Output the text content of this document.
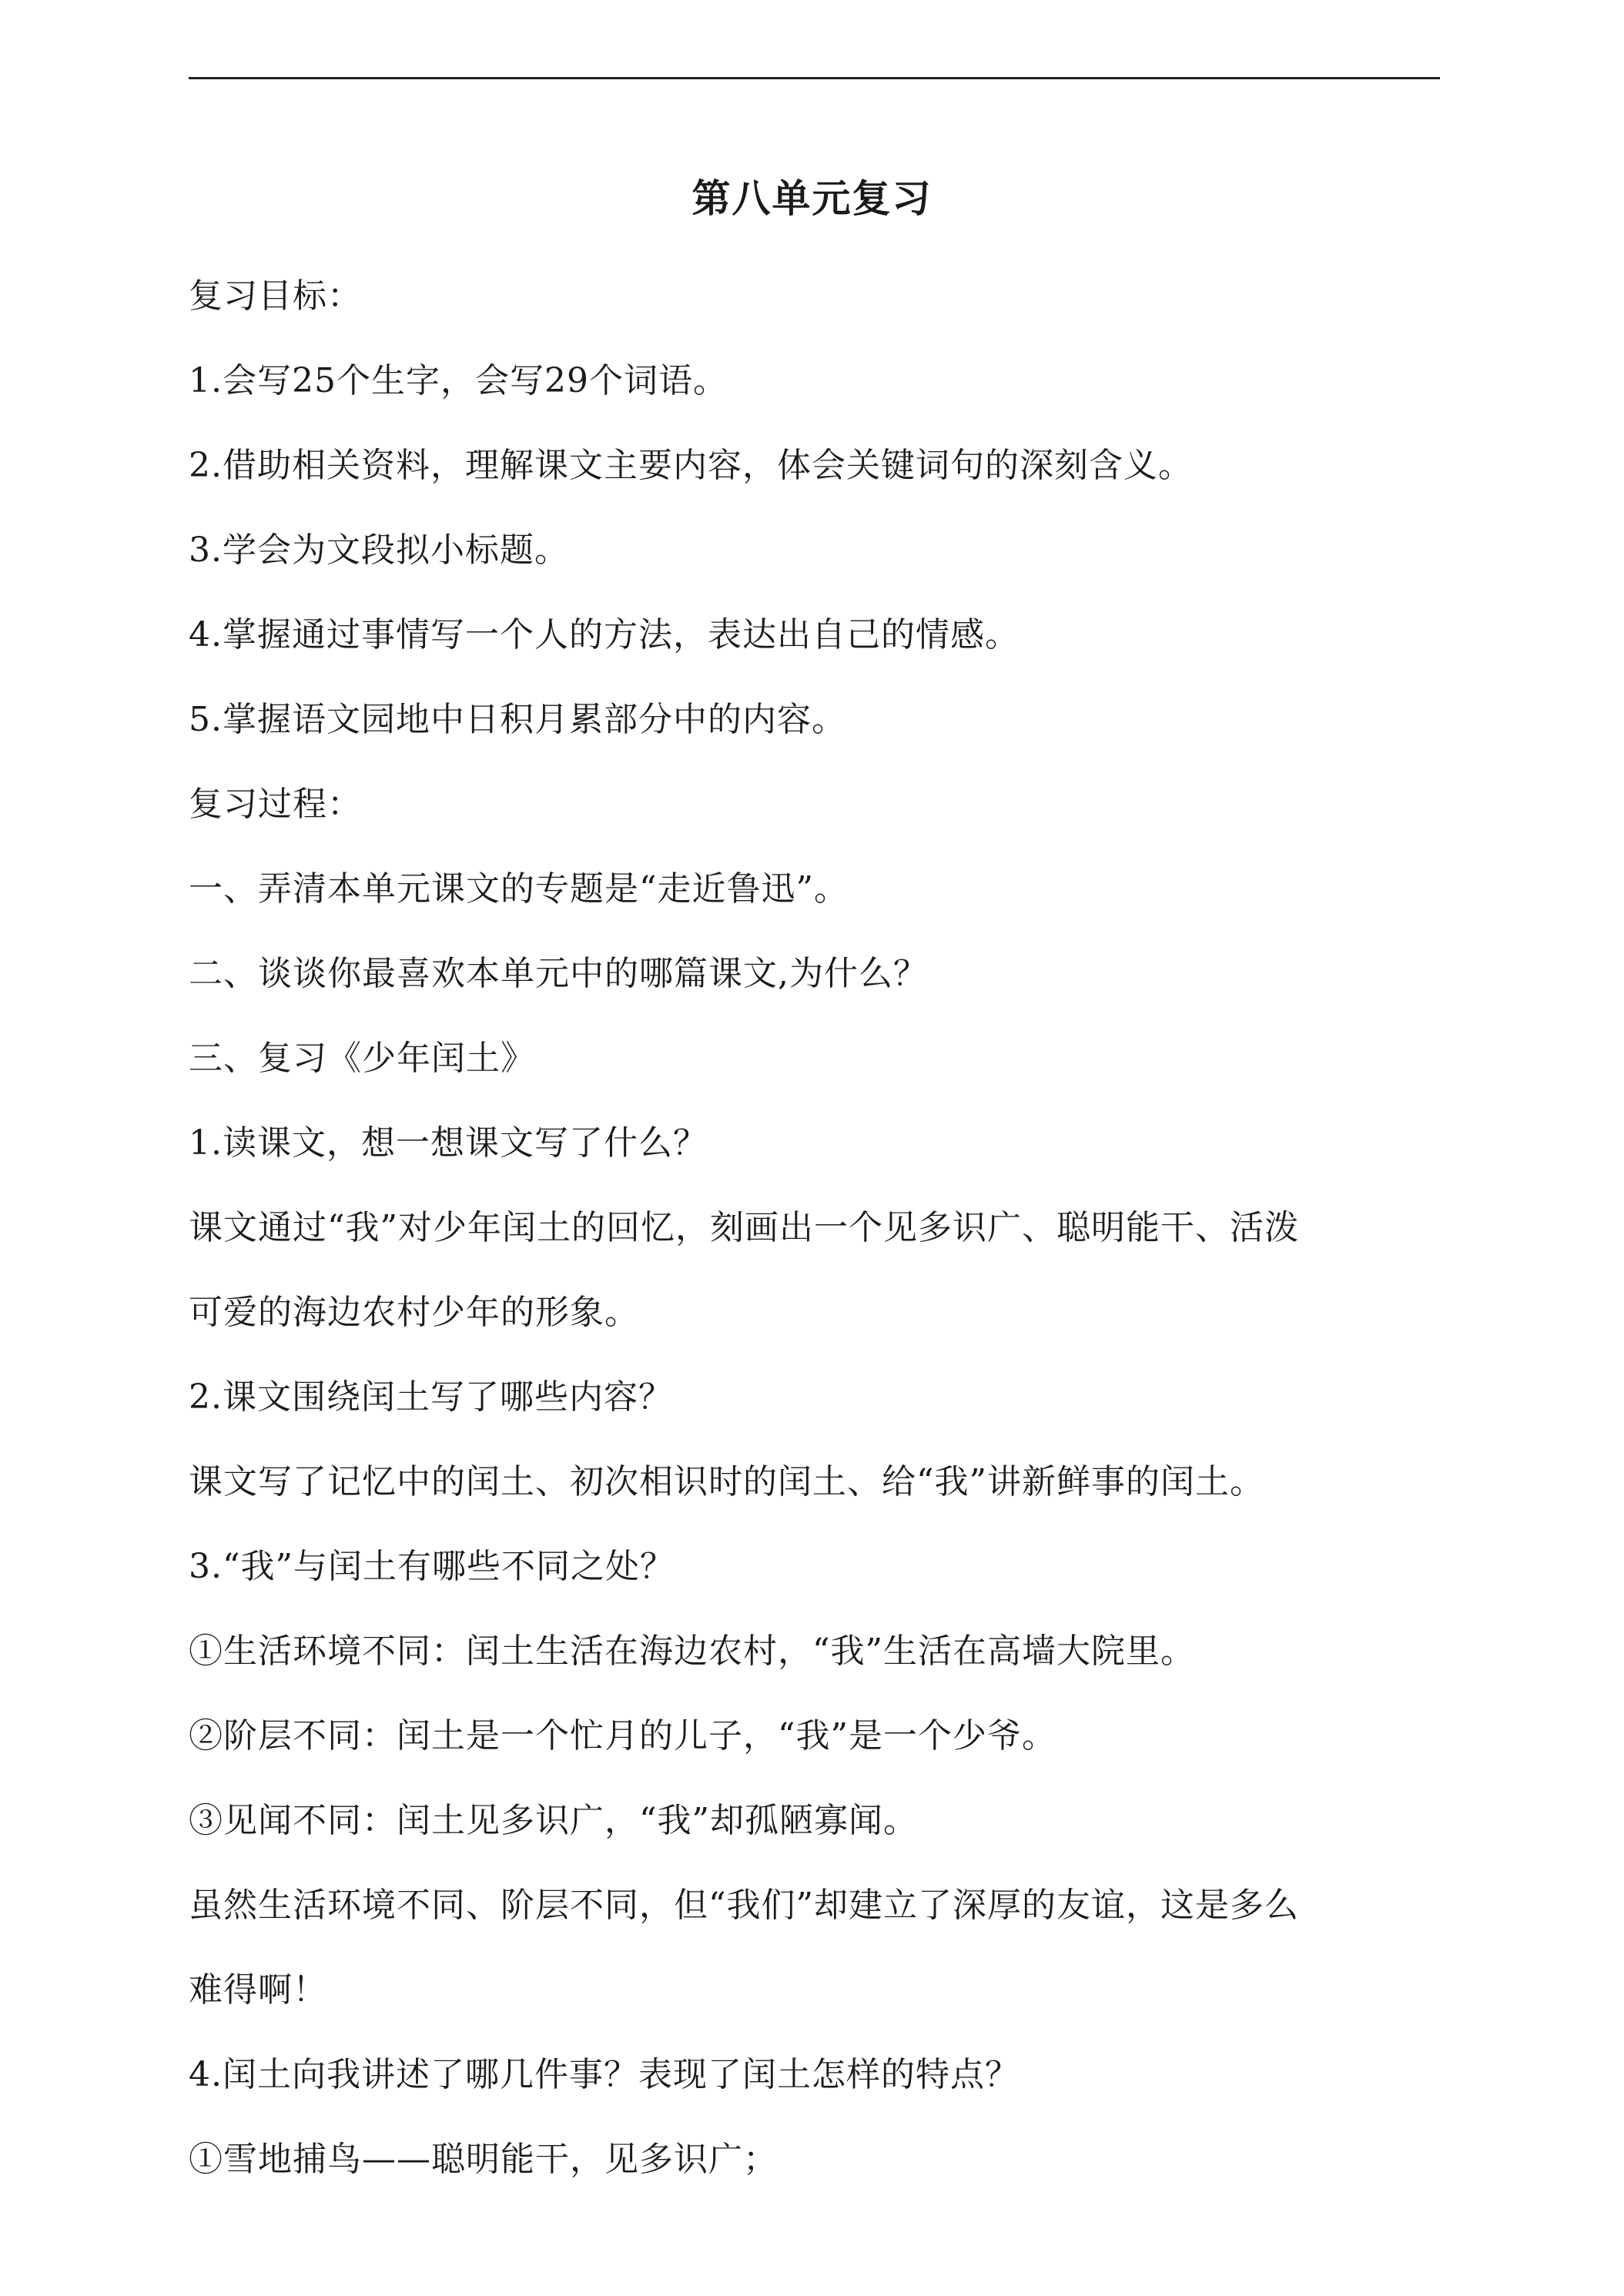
第八单元复习
复习目标：
1.会写25个生字，会写29个词语。
2.借助相关资料，理解课文主要内容，体会关键词句的深刻含义。
3.学会为文段拟小标题。
4.掌握通过事情写一个人的方法，表达出自己的情感。
5.掌握语文园地中日积月累部分中的内容。
复习过程：
一、弄清本单元课文的专题是“走近鲁迅”。
二、谈谈你最喜欢本单元中的哪篇课文,为什么？
三、复习《少年闰土》
1.读课文，想一想课文写了什么？
课文通过“我”对少年闰土的回忆，刻画出一个见多识广、聪明能干、活泼
可爱的海边农村少年的形象。
2.课文围绕闰土写了哪些内容？
课文写了记忆中的闰土、初次相识时的闰土、给“我”讲新鲜事的闰土。
3.“我”与闰土有哪些不同之处？
①生活环境不同：闰土生活在海边农村，“我”生活在高墙大院里。
②阶层不同：闰土是一个忙月的儿子，“我”是一个少爷。
③见闻不同：闰土见多识广，“我”却孤陋寡闻。
虽然生活环境不同、阶层不同，但“我们”却建立了深厚的友谊，这是多么
难得啊！
4.闰土向我讲述了哪几件事？表现了闰土怎样的特点？
①雪地捕鸟——聪明能干，见多识广；
